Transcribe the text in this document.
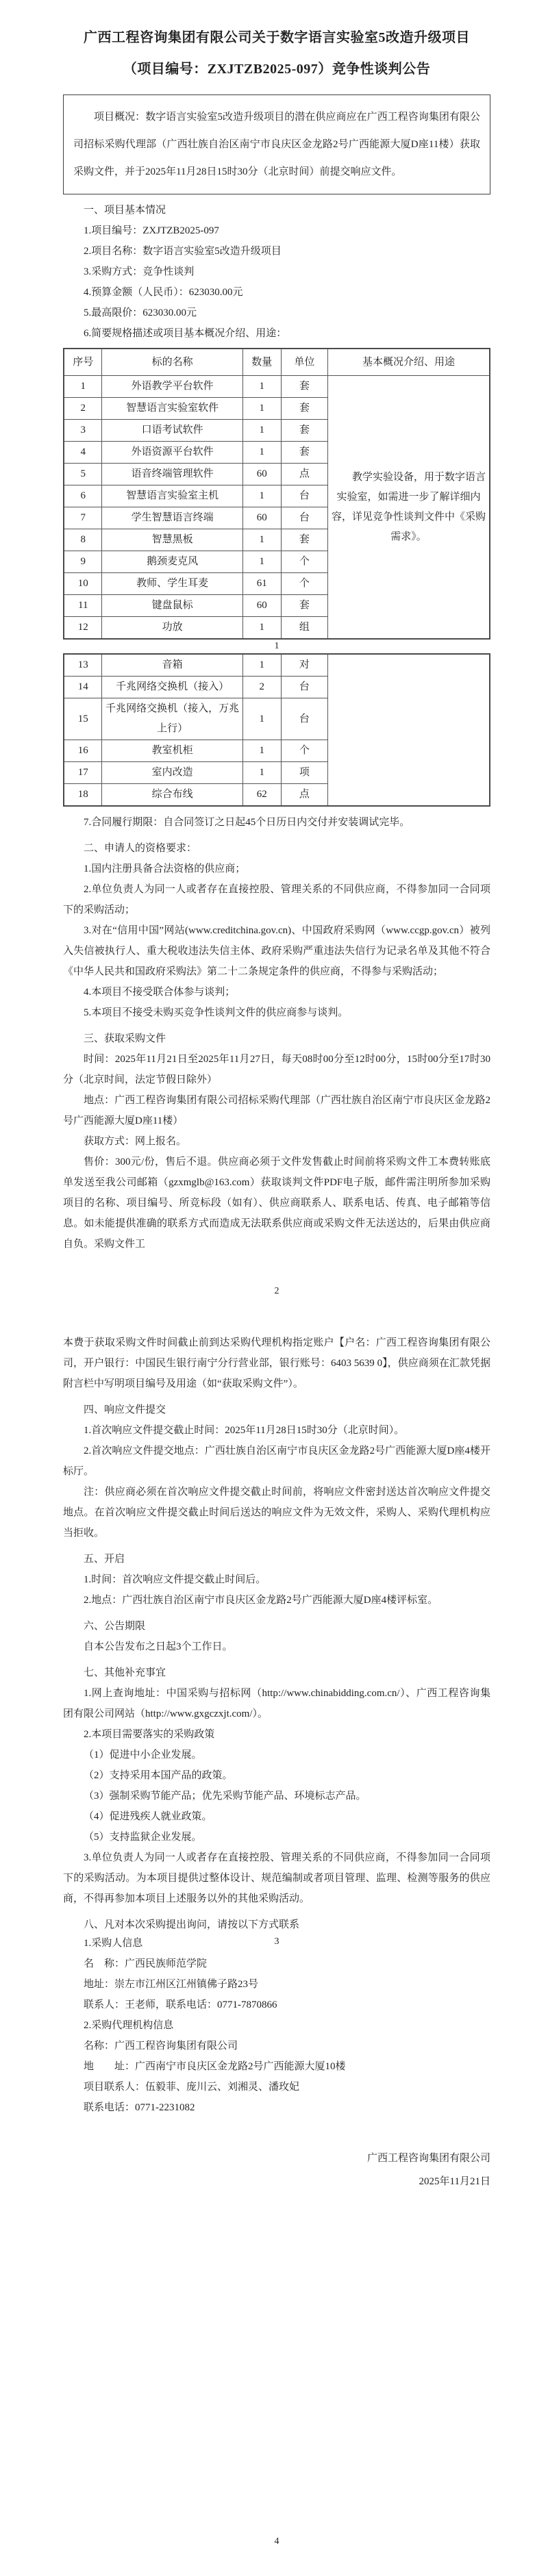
广西工程咨询集团有限公司关于数字语言实验室5改造升级项目
（项目编号：ZXJTZB2025-097）竞争性谈判公告

项目概况：数字语言实验室5改造升级项目的潜在供应商应在广西工程咨询集团有限公司招标采购代理部（广西壮族自治区南宁市良庆区金龙路2号广西能源大厦D座11楼）获取采购文件，并于2025年11月28日15时30分（北京时间）前提交响应文件。

一、项目基本情况

1.项目编号：ZXJTZB2025-097

2.项目名称：数字语言实验室5改造升级项目

3.采购方式：竞争性谈判

4.预算金额（人民币）：623030.00元

5.最高限价：623030.00元

6.简要规格描述或项目基本概况介绍、用途：

序号	标的名称	数量	单位	基本概况介绍、用途
1	外语教学平台软件	1	套	教学实验设备，用于数字语言实验室，如需进一步了解详细内容，详见竞争性谈判文件中《采购需求》。
2	智慧语言实验室软件	1	套	
3	口语考试软件	1	套	
4	外语资源平台软件	1	套	
5	语音终端管理软件	60	点	
6	智慧语言实验室主机	1	台	
7	学生智慧语言终端	60	台	
8	智慧黑板	1	套	
9	鹅颈麦克风	1	个	
10	教师、学生耳麦	61	个	
11	键盘鼠标	60	套	
12	功放	1	组	
1
13	音箱	1	对	
14	千兆网络交换机（接入）	2	台	
15	千兆网络交换机（接入，万兆上行）	1	台	
16	教室机柜	1	个	
17	室内改造	1	项	
18	综合布线	62	点	

7.合同履行期限：自合同签订之日起45个日历日内交付并安装调试完毕。

二、申请人的资格要求：

1.国内注册具备合法资格的供应商；

2.单位负责人为同一人或者存在直接控股、管理关系的不同供应商，不得参加同一合同项下的采购活动；

3.对在“信用中国”网站(www.creditchina.gov.cn)、中国政府采购网（www.ccgp.gov.cn）被列入失信被执行人、重大税收违法失信主体、政府采购严重违法失信行为记录名单及其他不符合《中华人民共和国政府采购法》第二十二条规定条件的供应商，不得参与采购活动；

4.本项目不接受联合体参与谈判；

5.本项目不接受未购买竞争性谈判文件的供应商参与谈判。

三、获取采购文件

时间：2025年11月21日至2025年11月27日，每天08时00分至12时00分，15时00分至17时30分（北京时间，法定节假日除外）

地点：广西工程咨询集团有限公司招标采购代理部（广西壮族自治区南宁市良庆区金龙路2号广西能源大厦D座11楼）

获取方式：网上报名。

售价：300元/份，售后不退。供应商必须于文件发售截止时间前将采购文件工本费转账底单发送至我公司邮箱（gzxmglb@163.com）获取谈判文件PDF电子版，邮件需注明所参加采购项目的名称、项目编号、所竞标段（如有）、供应商联系人、联系电话、传真、电子邮箱等信息。如未能提供准确的联系方式而造成无法联系供应商或采购文件无法送达的，后果由供应商自负。采购文件工

2

本费于获取采购文件时间截止前到达采购代理机构指定账户【户名：广西工程咨询集团有限公司，开户银行：中国民生银行南宁分行营业部，银行账号：6403 5639 0】，供应商须在汇款凭据附言栏中写明项目编号及用途（如“获取采购文件”）。

四、响应文件提交

1.首次响应文件提交截止时间：2025年11月28日15时30分（北京时间）。

2.首次响应文件提交地点：广西壮族自治区南宁市良庆区金龙路2号广西能源大厦D座4楼开标厅。

注：供应商必须在首次响应文件提交截止时间前，将响应文件密封送达首次响应文件提交地点。在首次响应文件提交截止时间后送达的响应文件为无效文件，采购人、采购代理机构应当拒收。

五、开启

1.时间：首次响应文件提交截止时间后。

2.地点：广西壮族自治区南宁市良庆区金龙路2号广西能源大厦D座4楼评标室。

六、公告期限

自本公告发布之日起3个工作日。

七、其他补充事宜

1.网上查询地址：中国采购与招标网（http://www.chinabidding.com.cn/）、广西工程咨询集团有限公司网站（http://www.gxgczxjt.com/）。

2.本项目需要落实的采购政策

（1）促进中小企业发展。

（2）支持采用本国产品的政策。

（3）强制采购节能产品；优先采购节能产品、环境标志产品。

（4）促进残疾人就业政策。

（5）支持监狱企业发展。

3.单位负责人为同一人或者存在直接控股、管理关系的不同供应商，不得参加同一合同项下的采购活动。为本项目提供过整体设计、规范编制或者项目管理、监理、检测等服务的供应商，不得再参加本项目上述服务以外的其他采购活动。

八、凡对本次采购提出询问，请按以下方式联系

3

1.采购人信息

名　称：广西民族师范学院

地址：崇左市江州区江州镇佛子路23号

联系人：王老师，联系电话：0771-7870866

2.采购代理机构信息

名称：广西工程咨询集团有限公司

地　　址：广西南宁市良庆区金龙路2号广西能源大厦10楼

项目联系人：伍毅菲、庞川云、刘湘灵、潘玫妃

联系电话：0771-2231082

广西工程咨询集团有限公司

2025年11月21日

4
